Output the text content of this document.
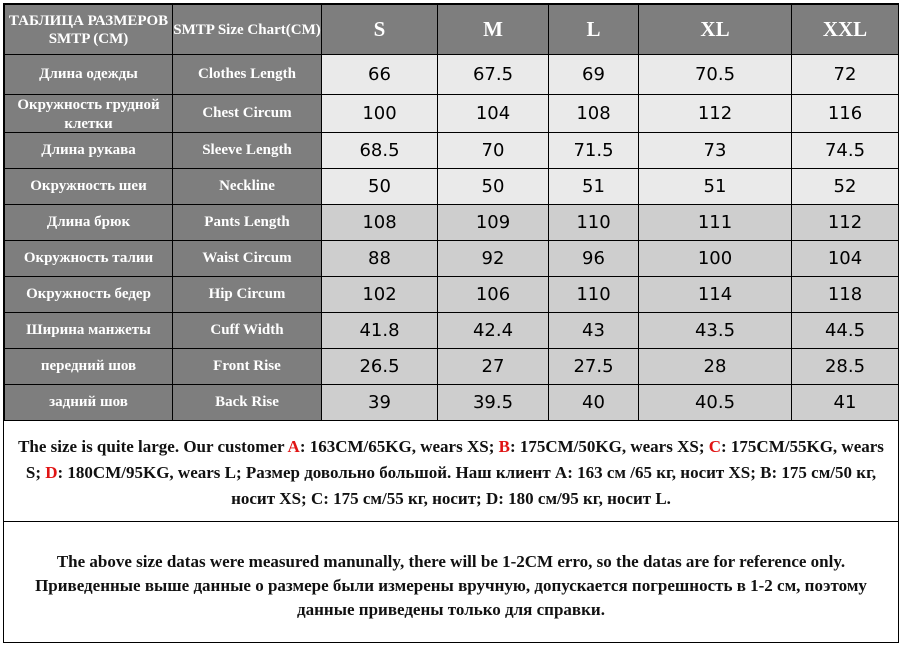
ТАБЛИЦА РАЗМЕРОВ SMTP (CM)	SMTP Size Chart(CM)	S	M	L	XL	XXL
Длина одежды	Clothes Length	66	67.5	69	70.5	72

Окружность грудной клетки	Chest Circum	100	104	108	112	116
Длина рукава	Sleeve Length	68.5	70	71.5	73	74.5
Окружность шеи	Neckline	50	50	51	51	52
Длина брюк	Pants Length	108	109	110	111	112
Окружность талии	Waist Circum	88	92	96	100	104
Окружность бедер	Hip Circum	102	106	110	114	118
Ширина манжеты	Cuff Width	41.8	42.4	43	43.5	44.5
передний шов	Front Rise	26.5	27	27.5	28	28.5
задний шов	Back Rise	39	39.5	40	40.5	41
The size is quite large. Our customer A: 163CM/65KG, wears XS; B: 175CM/50KG, wears XS; C: 175CM/55KG, wears S; D: 180CM/95KG, wears L; Размер довольно большой. Наш клиент A: 163 см /65 кг, носит XS; B: 175 см/50 кг, носит XS; C: 175 см/55 кг, носит; D: 180 см/95 кг, носит L.
The above size datas were measured manunally, there will be 1-2CM erro, so the datas are for reference only. Приведенные выше данные о размере были измерены вручную, допускается погрешность в 1-2 см, поэтому данные приведены только для справки.
